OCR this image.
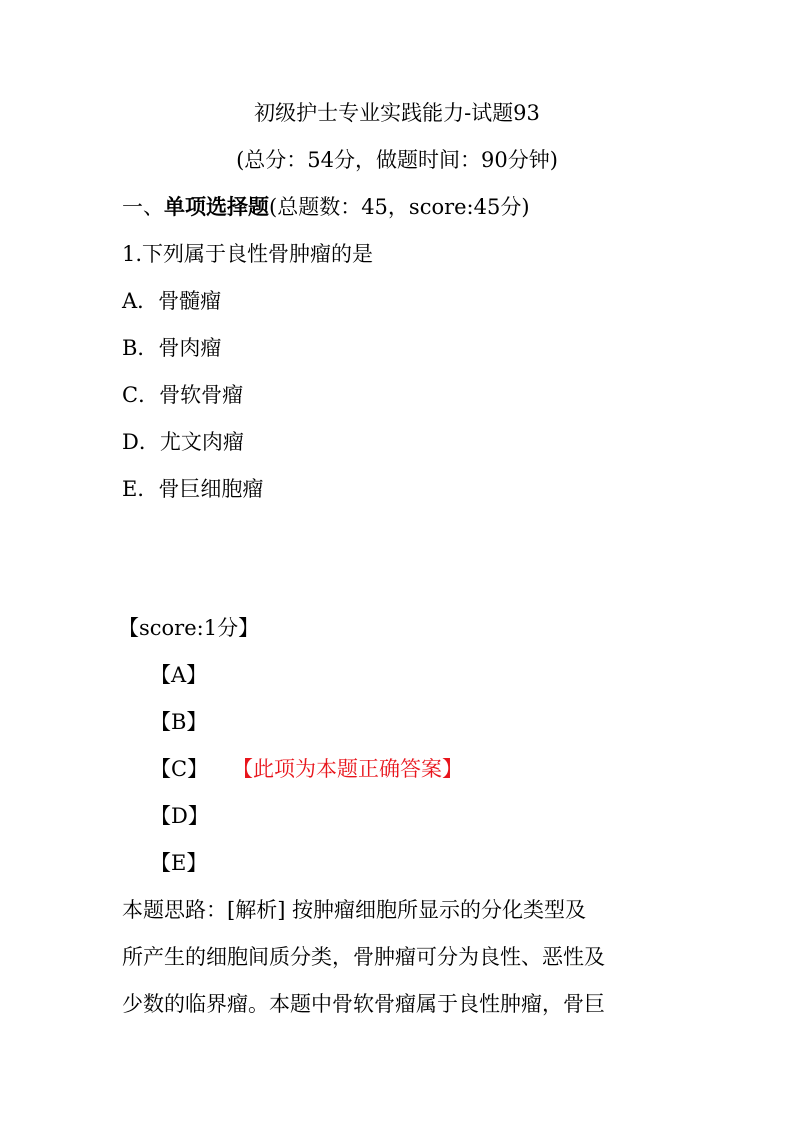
初级护士专业实践能力-试题93
(总分：54分，做题时间：90分钟)
一、单项选择题(总题数：45，score:45分)
1.下列属于良性骨肿瘤的是
A．骨髓瘤
B．骨肉瘤
C．骨软骨瘤
D．尤文肉瘤
E．骨巨细胞瘤
【score:1分】
【A】
【B】
【C】 【此项为本题正确答案】
【D】
【E】
本题思路：[解析] 按肿瘤细胞所显示的分化类型及
所产生的细胞间质分类，骨肿瘤可分为良性、恶性及
少数的临界瘤。本题中骨软骨瘤属于良性肿瘤，骨巨
